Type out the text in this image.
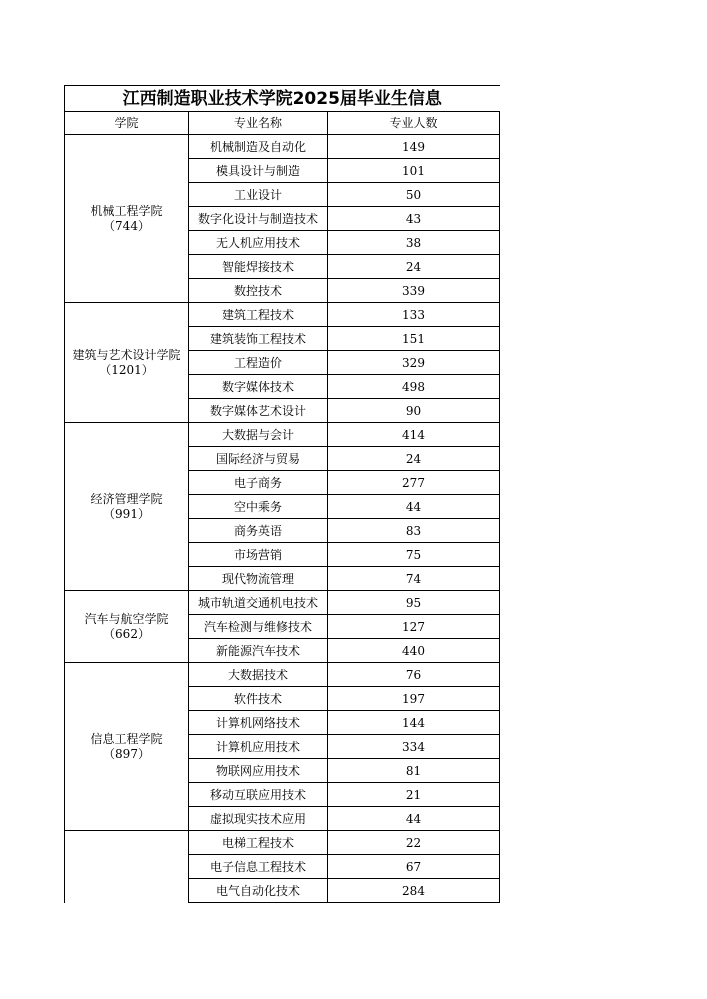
江西制造职业技术学院2025届毕业生信息		
学院	专业名称	专业人数

机械工程学院
（744）	机械制造及自动化	149
	模具设计与制造	101
	工业设计	50
	数字化设计与制造技术	43
	无人机应用技术	38
	智能焊接技术	24
	数控技术	339

建筑与艺术设计学院
（1201）	建筑工程技术	133
	建筑装饰工程技术	151
	工程造价	329
	数字媒体技术	498
	数字媒体艺术设计	90

经济管理学院
（991）	大数据与会计	414
	国际经济与贸易	24
	电子商务	277
	空中乘务	44
	商务英语	83
	市场营销	75
	现代物流管理	74

汽车与航空学院
（662）	城市轨道交通机电技术	95
	汽车检测与维修技术	127
	新能源汽车技术	440

信息工程学院
（897）	大数据技术	76
	软件技术	197
	计算机网络技术	144
	计算机应用技术	334
	物联网应用技术	81
	移动互联应用技术	21
	虚拟现实技术应用	44

	电梯工程技术	22
	电子信息工程技术	67
	电气自动化技术	284
